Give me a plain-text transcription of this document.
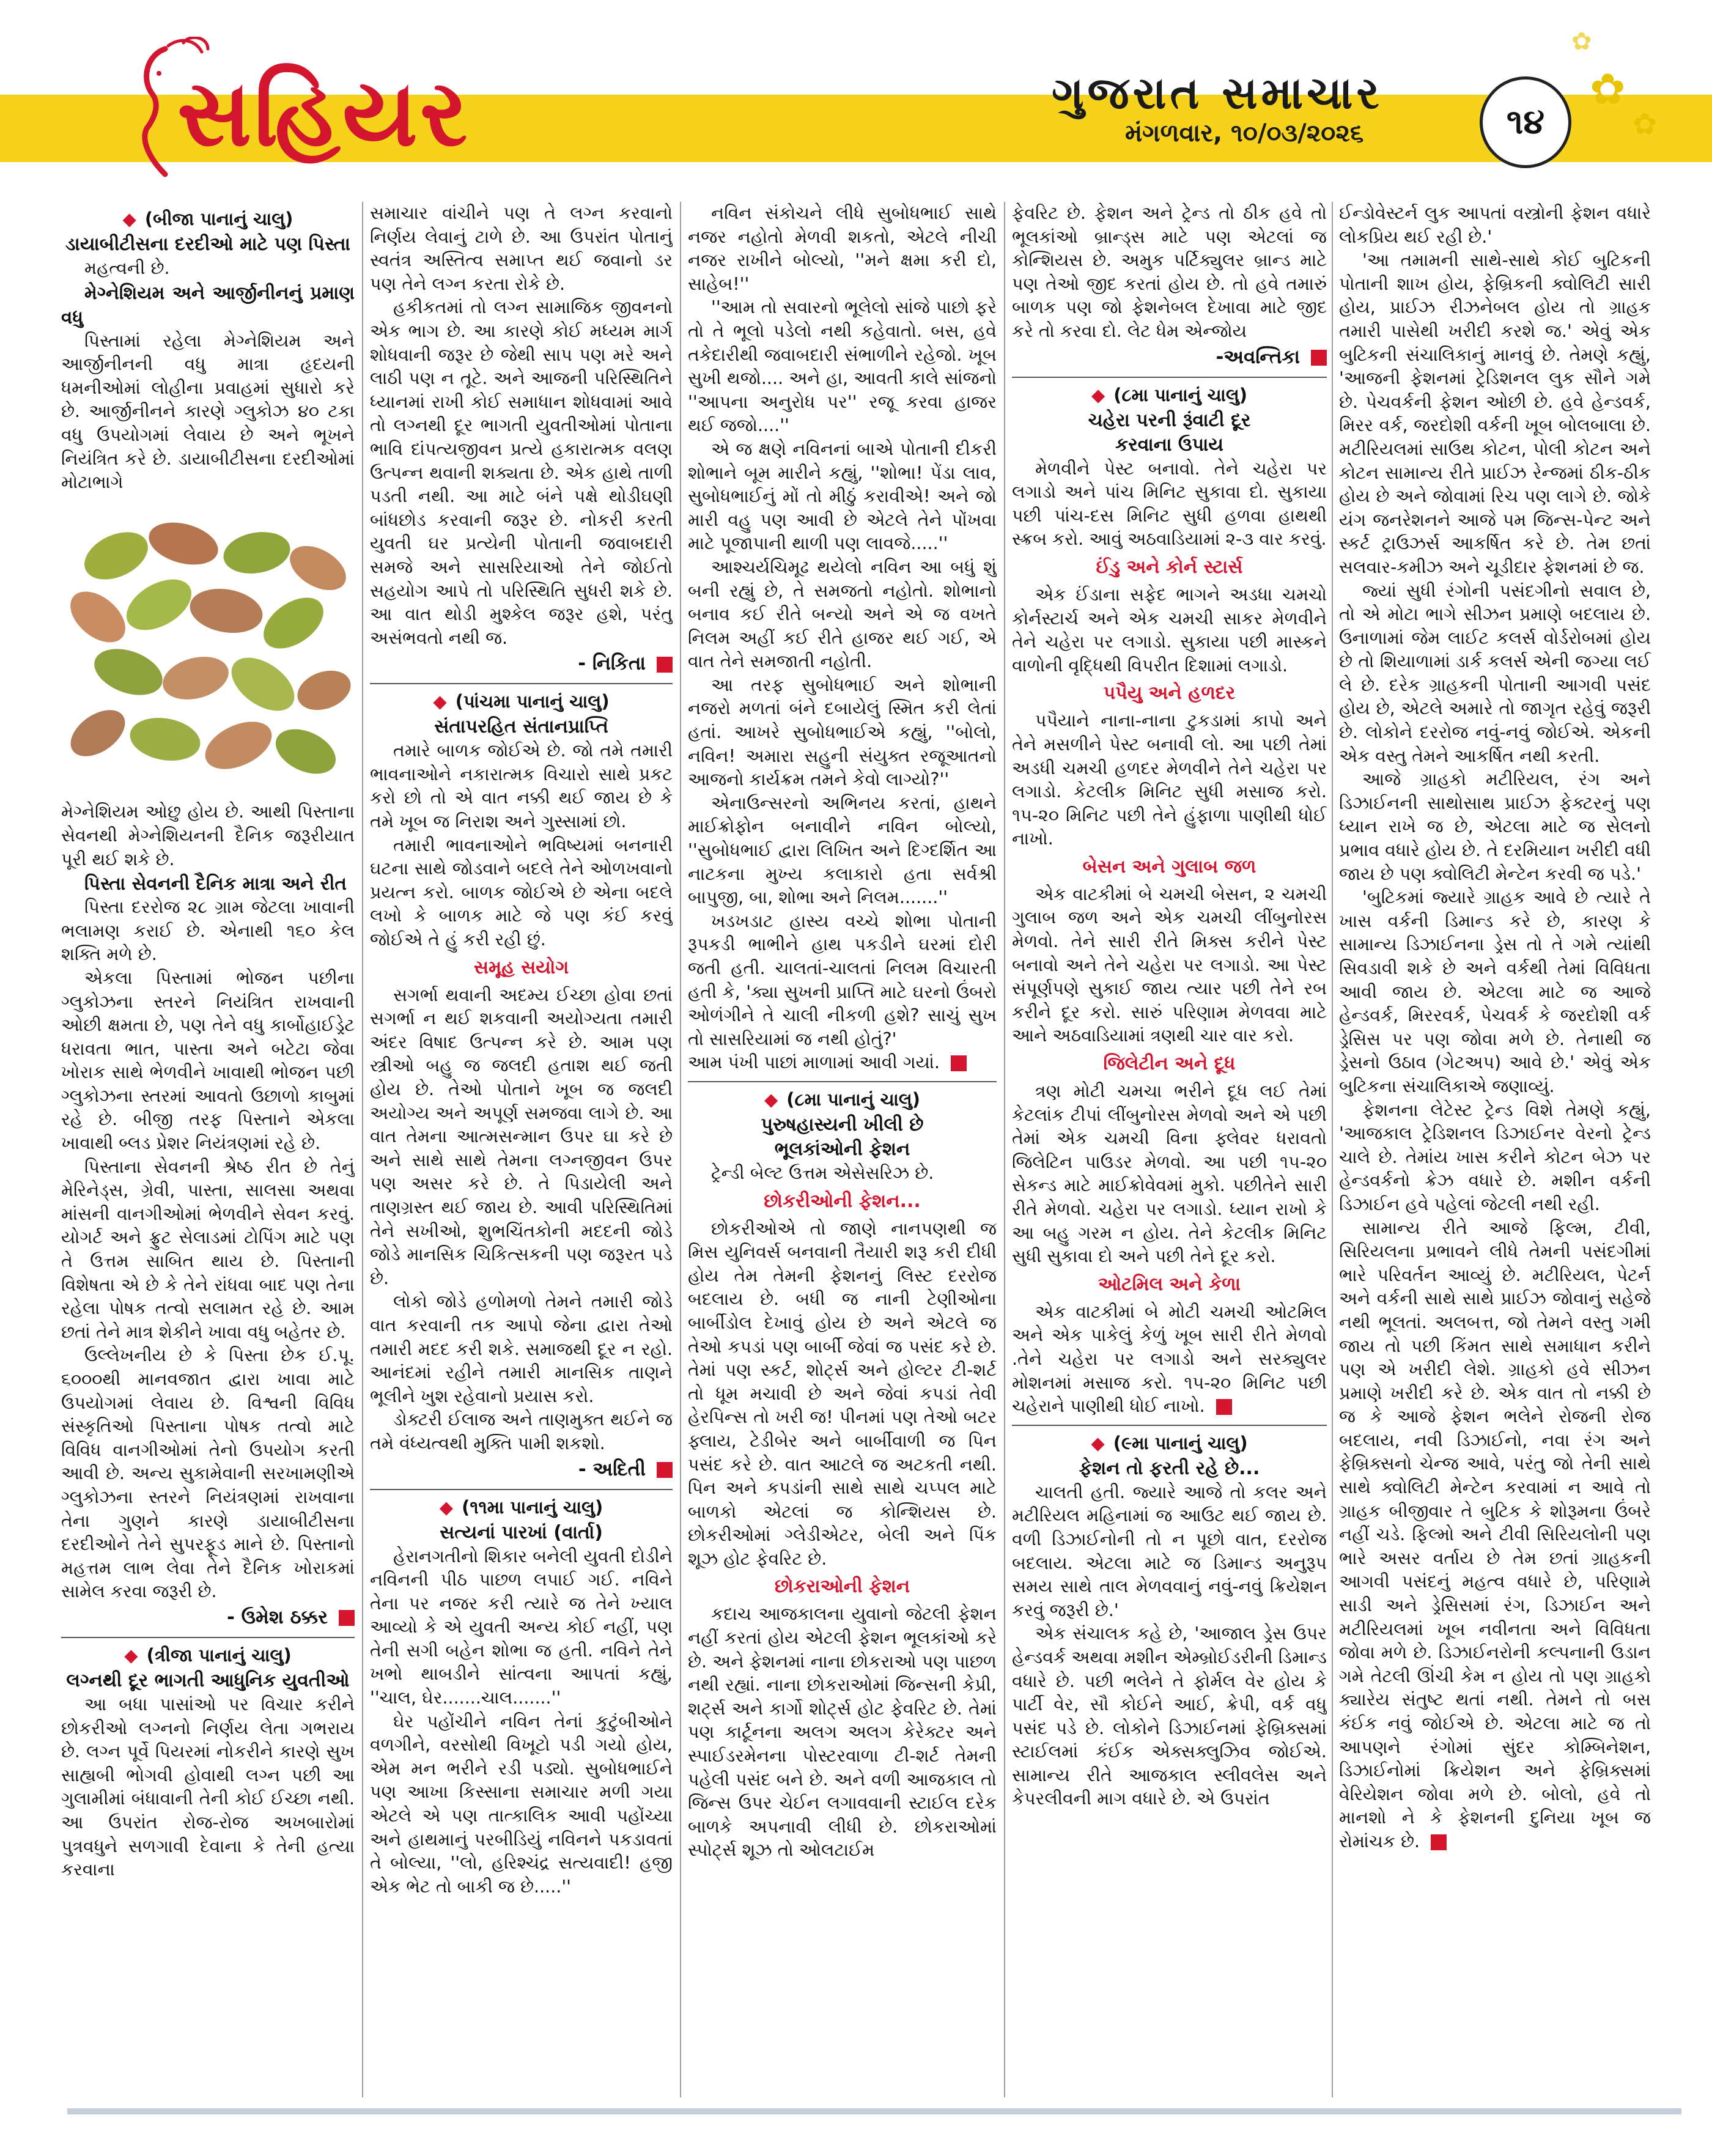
સહિયર	ગુજરાત સમાચાર
મંગળવાર, ૧૦/૦૩/૨૦૨૬	૧૪
✿
✿
✿
◆ (બીજા પાનાનું ચાલુ)
ડાયાબીટીસના દરદીઓ માટે પણ પિસ્તા

મહત્વની છે.

મેગ્નેશિયમ અને આર્જીનીનનું પ્રમાણ વધુ

પિસ્તામાં રહેલા મેગ્નેશિયમ અને આર્જીનીનની વધુ માત્રા હૃદયની ધમનીઓમાં લોહીના પ્રવાહમાં સુધારો કરે છે. આર્જીનીનને કારણે ગ્લુકોઝ ૪૦ ટકા વધુ ઉપયોગમાં લેવાય છે અને ભૂખને નિયંત્રિત કરે છે. ડાયાબીટીસના દરદીઓમાં મોટાભાગે

મેગ્નેશિયમ ઓછુ હોય છે. આથી પિસ્તાના સેવનથી મેગ્નેશિયનની દૈનિક જરૂરીયાત પૂરી થઈ શકે છે.

પિસ્તા સેવનની દૈનિક માત્રા અને રીત

પિસ્તા દરરોજ ૨૮ ગ્રામ જેટલા ખાવાની ભલામણ કરાઈ છે. એનાથી ૧૬૦ કેલ શક્તિ મળે છે.

એકલા પિસ્તામાં ભોજન પછીના ગ્લુકોઝના સ્તરને નિયંત્રિત રાખવાની ઓછી ક્ષમતા છે, પણ તેને વધુ કાર્બોહાઈડ્રેટ ધરાવતા ભાત, પાસ્તા અને બટેટા જેવા ખોરાક સાથે ભેળવીને ખાવાથી ભોજન પછી ગ્લુકોઝના સ્તરમાં આવતો ઉછાળો કાબુમાં રહે છે. બીજી તરફ પિસ્તાને એકલા ખાવાથી બ્લડ પ્રેશર નિયંત્રણમાં રહે છે.

પિસ્તાના સેવનની શ્રેષ્ઠ રીત છે તેનું મેરિનેડ્સ, ગ્રેવી, પાસ્તા, સાલસા અથવા માંસની વાનગીઓમાં ભેળવીને સેવન કરવું. યોગર્ટ અને ફ્રુટ સેલાડમાં ટોપિંગ માટે પણ તે ઉત્તમ સાબિત થાય છે. પિસ્તાની વિશેષતા એ છે કે તેને રાંધવા બાદ પણ તેના રહેલા પોષક તત્વો સલામત રહે છે. આમ છતાં તેને માત્ર શેકીને ખાવા વધુ બહેતર છે.

ઉલ્લેખનીય છે કે પિસ્તા છેક ઈ.પૂ. ૬૦૦૦થી માનવજાત દ્વારા ખાવા માટે ઉપયોગમાં લેવાય છે. વિશ્વની વિવિધ સંસ્કૃતિઓ પિસ્તાના પોષક તત્વો માટે વિવિધ વાનગીઓમાં તેનો ઉપયોગ કરતી આવી છે. અન્ય સુકામેવાની સરખામણીએ ગ્લુકોઝના સ્તરને નિયંત્રણમાં રાખવાના તેના ગુણને કારણે ડાયાબીટીસના દરદીઓને તેને સુપરફૂડ માને છે. પિસ્તાનો મહત્તમ લાભ લેવા તેને દૈનિક ખોરાકમાં સામેલ કરવા જરૂરી છે.

- ઉમેશ ઠક્કર
◆ (ત્રીજા પાનાનું ચાલુ)
લગ્નથી દૂર ભાગતી આધુનિક યુવતીઓ

આ બધા પાસાંઓ પર વિચાર કરીને છોકરીઓ લગ્નનો નિર્ણય લેતા ગભરાય છે. લગ્ન પૂર્વે પિયરમાં નોકરીને કારણે સુખ સાહ્યબી ભોગવી હોવાથી લગ્ન પછી આ ગુલામીમાં બંધાવાની તેની કોઈ ઈચ્છા નથી. આ ઉપરાંત રોજ-રોજ અખબારોમાં પુત્રવધુને સળગાવી દેવાના કે તેની હત્યા કરવાના

સમાચાર વાંચીને પણ તે લગ્ન કરવાનો નિર્ણય લેવાનું ટાળે છે. આ ઉપરાંત પોતાનું સ્વતંત્ર અસ્તિત્વ સમાપ્ત થઈ જવાનો ડર પણ તેને લગ્ન કરતા રોકે છે.

હકીકતમાં તો લગ્ન સામાજિક જીવનનો એક ભાગ છે. આ કારણે કોઈ મધ્યમ માર્ગ શોધવાની જરૂર છે જેથી સાપ પણ મરે અને લાઠી પણ ન તૂટે. અને આજની પરિસ્થિતિને ધ્યાનમાં રાખી કોઈ સમાધાન શોધવામાં આવે તો લગ્નથી દૂર ભાગતી યુવતીઓમાં પોતાના ભાવિ દાંપત્યજીવન પ્રત્યે હકારાત્મક વલણ ઉત્પન્ન થવાની શક્યતા છે. એક હાથે તાળી પડતી નથી. આ માટે બંને પક્ષે થોડીઘણી બાંધછોડ કરવાની જરૂર છે. નોકરી કરતી યુવતી ઘર પ્રત્યેની પોતાની જવાબદારી સમજે અને સાસરિયાઓ તેને જોઈતો સહયોગ આપે તો પરિસ્થિતિ સુધરી શકે છે. આ વાત થોડી મુશ્કેલ જરૂર હશે, પરંતુ અસંભવતો નથી જ.

- નિકિતા
◆ (પાંચમા પાનાનું ચાલુ)
સંતાપરહિત સંતાનપ્રાપ્તિ

તમારે બાળક જોઈએ છે. જો તમે તમારી ભાવનાઓને નકારાત્મક વિચારો સાથે પ્રકટ કરો છો તો એ વાત નક્કી થઈ જાય છે કે તમે ખૂબ જ નિરાશ અને ગુસ્સામાં છો.

તમારી ભાવનાઓને ભવિષ્યમાં બનનારી ઘટના સાથે જોડવાને બદલે તેને ઓળખવાનો પ્રયત્ન કરો. બાળક જોઈએ છે એના બદલે લખો કે બાળક માટે જે પણ કંઈ કરવું જોઈએ તે હું કરી રહી છું.

સમૂહ સયોગ

સગર્ભા થવાની અદમ્ય ઈચ્છા હોવા છતાં સગર્ભા ન થઈ શકવાની અયોગ્યતા તમારી અંદર વિષાદ ઉત્પન્ન કરે છે. આમ પણ સ્ત્રીઓ બહુ જ જલદી હતાશ થઈ જતી હોય છે. તેઓ પોતાને ખૂબ જ જલદી અયોગ્ય અને અપૂર્ણ સમજવા લાગે છે. આ વાત તેમના આત્મસન્માન ઉપર ઘા કરે છે અને સાથે સાથે તેમના લગ્નજીવન ઉપર પણ અસર કરે છે. તે પિડાયેલી અને તાણગ્રસ્ત થઈ જાય છે. આવી પરિસ્થિતિમાં તેને સખીઓ, શુભચિંતકોની મદદની જોડે જોડે માનસિક ચિકિત્સકની પણ જરૂરત પડે છે.

લોકો જોડે હળોમળો તેમને તમારી જોડે વાત કરવાની તક આપો જેના દ્વારા તેઓ તમારી મદદ કરી શકે. સમાજથી દૂર ન રહો. આનંદમાં રહીને તમારી માનસિક તાણને ભૂલીને ખુશ રહેવાનો પ્રયાસ કરો.

ડોક્ટરી ઈલાજ અને તાણમુક્ત થઈને જ તમે વંધ્યત્વથી મુક્તિ પામી શકશો.

- અદિતી
◆ (૧૧મા પાનાનું ચાલુ)
સત્યનાં પારખાં (વાર્તા)

હેરાનગતીનો શિકાર બનેલી યુવતી દોડીને નવિનની પીઠ પાછળ લપાઈ ગઈ. નવિને તેના પર નજર કરી ત્યારે જ તેને ખ્યાલ આવ્યો કે એ યુવતી અન્ય કોઈ નહીં, પણ તેની સગી બહેન શોભા જ હતી. નવિને તેને ખભો થાબડીને સાંત્વના આપતાં કહ્યું, ''ચાલ, ઘેર.......ચાલ.......''

ઘેર પહોંચીને નવિન તેનાં કુટુંબીઓને વળગીને, વરસોથી વિખૂટો પડી ગયો હોય, એમ મન ભરીને રડી પડ્યો. સુબોધભાઈને પણ આખા કિસ્સાના સમાચાર મળી ગયા એટલે એ પણ તાત્કાલિક આવી પહોંચ્યા અને હાથમાનું પરબીડિયું નવિનને પકડાવતાં તે બોલ્યા, ''લો, હરિશ્ચંદ્ર સત્યવાદી! હજી એક ભેટ તો બાકી જ છે.....''

નવિન સંકોચને લીધે સુબોધભાઈ સાથે નજર નહોતો મેળવી શકતો, એટલે નીચી નજર રાખીને બોલ્યો, ''મને ક્ષમા કરી દો, સાહેબ!''

''આમ તો સવારનો ભૂલેલો સાંજે પાછો ફરે તો તે ભૂલો પડેલો નથી કહેવાતો. બસ, હવે તકેદારીથી જવાબદારી સંભાળીને રહેજો. ખૂબ સુખી થજો.... અને હા, આવતી કાલે સાંજનો ''આપના અનુરોધ પર'' રજૂ કરવા હાજર થઈ જજો....''

એ જ ક્ષણે નવિનનાં બાએ પોતાની દીકરી શોભાને બૂમ મારીને કહ્યું, ''શોભા! પેંડા લાવ, સુબોધભાઈનું મોં તો મીઠું કરાવીએ! અને જો મારી વહુ પણ આવી છે એટલે તેને પોંખવા માટે પૂજાપાની થાળી પણ લાવજે.....''

આશ્ચર્યચિમૂઢ થયેલો નવિન આ બધું શું બની રહ્યું છે, તે સમજતો નહોતો. શોભાનો બનાવ કઈ રીતે બન્યો અને એ જ વખતે નિલમ અહીં કઈ રીતે હાજર થઈ ગઈ, એ વાત તેને સમજાતી નહોતી.

આ તરફ સુબોધભાઈ અને શોભાની નજરો મળતાં બંને દબાયેલું સ્મિત કરી લેતાં હતાં. આખરે સુબોધભાઈએ કહ્યું, ''બોલો, નવિન! અમારા સહુની સંયુક્ત રજૂઆતનો આજનો કાર્યક્રમ તમને કેવો લાગ્યો?''

એનાઉન્સરનો અભિનય કરતાં, હાથને માઈક્રોફોન બનાવીને નવિન બોલ્યો, ''સુબોધભાઈ દ્વારા લિખિત અને દિગ્દર્શિત આ નાટકના મુખ્ય કલાકારો હતા સર્વશ્રી બાપુજી, બા, શોભા અને નિલમ.......''

ખડખડાટ હાસ્ય વચ્ચે શોભા પોતાની રૂપકડી ભાભીને હાથ પકડીને ઘરમાં દોરી જતી હતી. ચાલતાં-ચાલતાં નિલમ વિચારતી હતી કે, 'ક્યા સુખની પ્રાપ્તિ માટે ઘરનો ઉંબરો ઓળંગીને તે ચાલી નીકળી હશે? સાચું સુખ તો સાસરિયામાં જ નથી હોતું?'

આમ પંખી પાછાં માળામાં આવી ગયાં.

◆ (૮મા પાનાનું ચાલુ)
પુરુષહાસ્યની ખીલી છે
ભૂલકાંઓની ફેશન

ટ્રેન્ડી બેલ્ટ ઉત્તમ એસેસરિઝ છે.

છોકરીઓની ફેશન...

છોકરીઓએ તો જાણે નાનપણથી જ મિસ યુનિવર્સ બનવાની તૈયારી શરૂ કરી દીધી હોય તેમ તેમની ફેશનનું લિસ્ટ દરરોજ બદલાય છે. બધી જ નાની ટેણીઓના બાર્બીડોલ દેખાવું હોય છે અને એટલે જ તેઓ કપડાં પણ બાર્બી જેવાં જ પસંદ કરે છે. તેમાં પણ સ્કર્ટ, શોર્ટ્સ અને હોલ્ટર ટી-શર્ટ તો ધૂમ મચાવી છે અને જેવાં કપડાં તેવી હેરપિન્સ તો ખરી જ! પીનમાં પણ તેઓ બટર ફ્લાય, ટેડીબેર અને બાર્બીવાળી જ પિન પસંદ કરે છે. વાત આટલે જ અટકતી નથી. પિન અને કપડાંની સાથે સાથે ચપ્પલ માટે બાળકો એટલાં જ કોન્શિયસ છે. છોકરીઓમાં ગ્લેડીએટર, બેલી અને પિંક શૂઝ હોટ ફેવરિટ છે.

છોકરાઓની ફેશન

કદાચ આજકાલના યુવાનો જેટલી ફેશન નહીં કરતાં હોય એટલી ફેશન ભૂલકાંઓ કરે છે. અને ફેશનમાં નાના છોકરાઓ પણ પાછળ નથી રહ્યાં. નાના છોકરાઓમાં જિન્સની કેપ્રી, શર્ટ્સ અને કાર્ગો શોર્ટ્સ હોટ ફેવરિટ છે. તેમાં પણ કાર્ટૂનના અલગ અલગ કેરેક્ટર અને સ્પાઈડરમેનના પોસ્ટરવાળા ટી-શર્ટ તેમની પહેલી પસંદ બને છે. અને વળી આજકાલ તો જિન્સ ઉપર ચેઈન લગાવવાની સ્ટાઈલ દરેક બાળકે અપનાવી લીધી છે. છોકરાઓમાં સ્પોર્ટ્સ શૂઝ તો ઓલટાઈમ

ફેવરિટ છે. ફેશન અને ટ્રેન્ડ તો ઠીક હવે તો ભૂલકાંઓ બ્રાન્ડ્સ માટે પણ એટલાં જ કોન્શિયસ છે. અમુક પર્ટિક્યુલર બ્રાન્ડ માટે પણ તેઓ જીદ કરતાં હોય છે. તો હવે તમારું બાળક પણ જો ફેશનેબલ દેખાવા માટે જીદ કરે તો કરવા દો. લેટ ધેમ એન્જોય

-અવન્તિકા
◆ (૮મા પાનાનું ચાલુ)
ચહેરા પરની રૂંવાટી દૂર
કરવાના ઉપાય

મેળવીને પેસ્ટ બનાવો. તેને ચહેરા પર લગાડો અને પાંચ મિનિટ સુકાવા દો. સુકાયા પછી પાંચ-દસ મિનિટ સુધી હળવા હાથથી સ્ક્રબ કરો. આવું અઠવાડિયામાં ૨-૩ વાર કરવું.

ઈંડુ અને કોર્ન સ્ટાર્સ

એક ઈંડાના સફેદ ભાગને અડધા ચમચો કોર્નસ્ટાર્ચ અને એક ચમચી સાકર મેળવીને તેને ચહેરા પર લગાડો. સુકાયા પછી માસ્કને વાળોની વૃદ્ધિથી વિપરીત દિશામાં લગાડો.

પપૈયુ અને હળદર

પપૈયાને નાના-નાના ટુકડામાં કાપો અને તેને મસળીને પેસ્ટ બનાવી લો. આ પછી તેમાં અડધી ચમચી હળદર મેળવીને તેને ચહેરા પર લગાડો. કેટલીક મિનિટ સુધી મસાજ કરો. ૧૫-૨૦ મિનિટ પછી તેને હુંફાળા પાણીથી ધોઈ નાખો.

બેસન અને ગુલાબ જળ

એક વાટકીમાં બે ચમચી બેસન, ૨ ચમચી ગુલાબ જળ અને એક ચમચી લીંબુનોરસ મેળવો. તેને સારી રીતે મિક્સ કરીને પેસ્ટ બનાવો અને તેને ચહેરા પર લગાડો. આ પેસ્ટ સંપૂર્ણપણે સુકાઈ જાય ત્યાર પછી તેને રબ કરીને દૂર કરો. સારું પરિણામ મેળવવા માટે આને અઠવાડિયામાં ત્રણથી ચાર વાર કરો.

જિલેટીન અને દૂધ

ત્રણ મોટી ચમચા ભરીને દૂધ લઈ તેમાં કેટલાંક ટીપાં લીંબુનોરસ મેળવો અને એ પછી તેમાં એક ચમચી વિના ફ્લેવર ધરાવતો જિલેટિન પાઉડર મેળવો. આ પછી ૧૫-૨૦ સેકન્ડ માટે માઈક્રોવેવમાં મુકો. પછીતેને સારી રીતે મેળવો. ચહેરા પર લગાડો. ધ્યાન રાખો કે આ બહુ ગરમ ન હોય. તેને કેટલીક મિનિટ સુધી સુકાવા દો અને પછી તેને દૂર કરો.

ઓટમિલ અને કેળા

એક વાટકીમાં બે મોટી ચમચી ઓટમિલ અને એક પાકેલું કેળું ખૂબ સારી રીતે મેળવો .તેને ચહેરા પર લગાડો અને સરક્યુલર મોશનમાં મસાજ કરો. ૧૫-૨૦ મિનિટ પછી ચહેરાને પાણીથી ધોઈ નાખો.

◆ (૯મા પાનાનું ચાલુ)
ફેશન તો ફરતી રહે છે...

ચાલતી હતી. જ્યારે આજે તો કલર અને મટીરિયલ મહિનામાં જ આઉટ થઈ જાય છે. વળી ડિઝાઈનોની તો ન પૂછો વાત, દરરોજ બદલાય. એટલા માટે જ ડિમાન્ડ અનુરૂપ સમય સાથે તાલ મેળવવાનું નવું-નવું ક્રિયેશન કરવું જરૂરી છે.'

એક સંચાલક કહે છે, 'આજાલ ડ્રેસ ઉપર હેન્ડવર્ક અથવા મશીન એમ્બ્રોઈડરીની ડિમાન્ડ વધારે છે. પછી ભલેને તે ફોર્મલ વેર હોય કે પાર્ટી વેર, સૌ કોઈને આઈ, ક્રેપી, વર્ક વધુ પસંદ પડે છે. લોકોને ડિઝાઈનમાં ફેબ્રિક્સમાં સ્ટાઈલમાં કંઈક એક્સક્લુઝિવ જોઈએ. સામાન્ય રીતે આજકાલ સ્લીવલેસ અને કેપરલીવની માગ વધારે છે. એ ઉપરાંત

ઈન્ડોવેસ્ટર્ન લુક આપતાં વસ્ત્રોની ફેશન વધારે લોકપ્રિય થઈ રહી છે.'

'આ તમામની સાથે-સાથે કોઈ બુટિકની પોતાની શાખ હોય, ફેબ્રિકની ક્વોલિટી સારી હોય, પ્રાઈઝ રીઝનેબલ હોય તો ગ્રાહક તમારી પાસેથી ખરીદી કરશે જ.' એવું એક બુટિકની સંચાલિકાનું માનવું છે. તેમણે કહ્યું, 'આજની ફેશનમાં ટ્રેડિશનલ લુક સૌને ગમે છે. પેચવર્કની ફેશન ઓછી છે. હવે હેન્ડવર્ક, મિરર વર્ક, જરદોશી વર્કની ખૂબ બોલબાલા છે. મટીરિયલમાં સાઉથ કોટન, પોલી કોટન અને કોટન સામાન્ય રીતે પ્રાઈઝ રેન્જમાં ઠીક-ઠીક હોય છે અને જોવામાં રિચ પણ લાગે છે. જોકે યંગ જનરેશનને આજે પમ જિન્સ-પેન્ટ અને સ્કર્ટ ટ્રાઉઝર્સ આકર્ષિત કરે છે. તેમ છતાં સલવાર-કમીઝ અને ચૂડીદાર ફેશનમાં છે જ.

જ્યાં સુધી રંગોની પસંદગીનો સવાલ છે, તો એ મોટા ભાગે સીઝન પ્રમાણે બદલાય છે. ઉનાળામાં જેમ લાઈટ કલર્સ વોર્ડરોબમાં હોય છે તો શિયાળામાં ડાર્ક કલર્સ એની જગ્યા લઈ લે છે. દરેક ગ્રાહકની પોતાની આગવી પસંદ હોય છે, એટલે અમારે તો જાગૃત રહેવું જરૂરી છે. લોકોને દરરોજ નવું-નવું જોઈએ. એકની એક વસ્તુ તેમને આકર્ષિત નથી કરતી.

આજે ગ્રાહકો મટીરિયલ, રંગ અને ડિઝાઈનની સાથોસાથ પ્રાઈઝ ફેક્ટરનું પણ ધ્યાન રાખે જ છે, એટલા માટે જ સેલનો પ્રભાવ વધારે હોય છે. તે દરમિયાન ખરીદી વધી જાય છે પણ ક્વોલિટી મેન્ટેન કરવી જ પડે.'

'બુટિકમાં જ્યારે ગ્રાહક આવે છે ત્યારે તે ખાસ વર્કની ડિમાન્ડ કરે છે, કારણ કે સામાન્ય ડિઝાઈનના ડ્રેસ તો તે ગમે ત્યાંથી સિવડાવી શકે છે અને વર્કથી તેમાં વિવિધતા આવી જાય છે. એટલા માટે જ આજે હેન્ડવર્ક, મિરરવર્ક, પેચવર્ક કે જરદોશી વર્ક ડ્રેસિસ પર પણ જોવા મળે છે. તેનાથી જ ડ્રેસનો ઉઠાવ (ગેટઅપ) આવે છે.' એવું એક બુટિકના સંચાલિકાએ જણાવ્યું.

ફેશનના લેટેસ્ટ ટ્રેન્ડ વિશે તેમણે કહ્યું, 'આજકાલ ટ્રેડિશનલ ડિઝાઈનર વેરનો ટ્રેન્ડ ચાલે છે. તેમાંય ખાસ કરીને કોટન બેઝ પર હેન્ડવર્કનો ક્રેઝ વધારે છે. મશીન વર્કની ડિઝાઈન હવે પહેલાં જેટલી નથી રહી.

સામાન્ય રીતે આજે ફિલ્મ, ટીવી, સિરિયલના પ્રભાવને લીધે તેમની પસંદગીમાં ભારે પરિવર્તન આવ્યું છે. મટીરિયલ, પેટર્ન અને વર્કની સાથે સાથે પ્રાઈઝ જોવાનું સહેજે નથી ભૂલતાં. અલબત્ત, જો તેમને વસ્તુ ગમી જાય તો પછી કિંમત સાથે સમાધાન કરીને પણ એ ખરીદી લેશે. ગ્રાહકો હવે સીઝન પ્રમાણે ખરીદી કરે છે. એક વાત તો નક્કી છે જ કે આજે ફેશન ભલેને રોજની રોજ બદલાય, નવી ડિઝાઈનો, નવા રંગ અને ફેબ્રિક્સનો ચેન્જ આવે, પરંતુ જો તેની સાથે સાથે ક્વોલિટી મેન્ટેન કરવામાં ન આવે તો ગ્રાહક બીજીવાર તે બુટિક કે શોરૂમના ઉંબરે નહીં ચડે. ફિલ્મો અને ટીવી સિરિયલોની પણ ભારે અસર વર્તાય છે તેમ છતાં ગ્રાહકની આગવી પસંદનું મહત્વ વધારે છે, પરિણામે સાડી અને ડ્રેસિસમાં રંગ, ડિઝાઈન અને મટીરિયલમાં ખૂબ નવીનતા અને વિવિધતા જોવા મળે છે. ડિઝાઈનરોની કલ્પનાની ઉડાન ગમે તેટલી ઊંચી કેમ ન હોય તો પણ ગ્રાહકો ક્યારેય સંતુષ્ટ થતાં નથી. તેમને તો બસ કંઈક નવું જોઈએ છે. એટલા માટે જ તો આપણને રંગોમાં સુંદર કોમ્બિનેશન, ડિઝાઈનોમાં ક્રિયેશન અને ફેબ્રિક્સમાં વેરિયેશન જોવા મળે છે. બોલો, હવે તો માનશો ને કે ફેશનની દુનિયા ખૂબ જ રોમાંચક છે.
